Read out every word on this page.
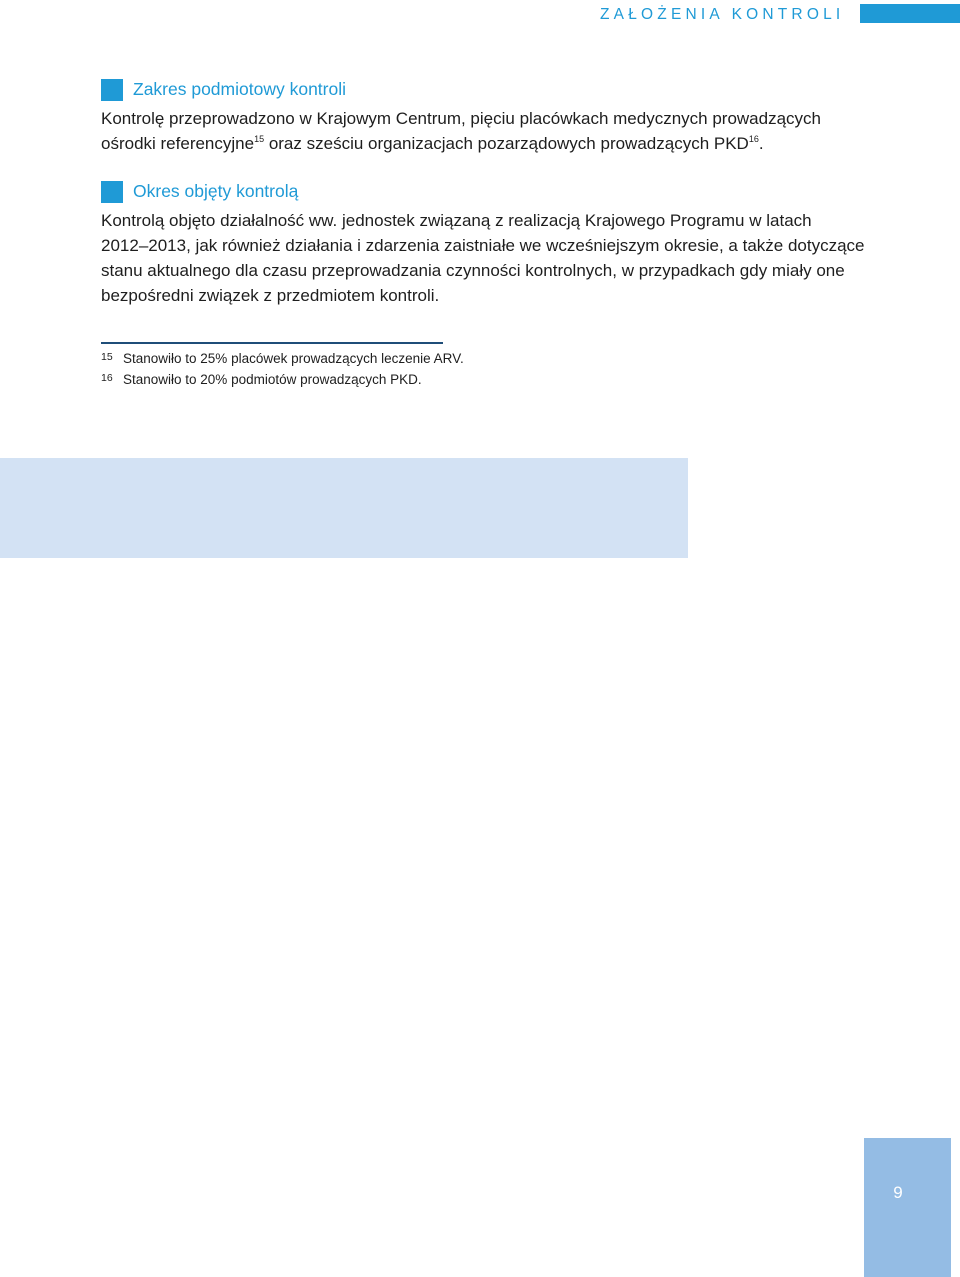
ZAŁOŻENIA KONTROLI
Zakres podmiotowy kontroli
Kontrolę przeprowadzono w Krajowym Centrum, pięciu placówkach medycznych prowadzących
ośrodki referencyjne$^{15}$ oraz sześciu organizacjach pozarządowych prowadzących PKD$^{16}$.
Okres objęty kontrolą
Kontrolą objęto działalność ww. jednostek związaną z realizacją Krajowego Programu w latach
2012–2013, jak również działania i zdarzenia zaistniałe we wcześniejszym okresie, a także dotyczące
stanu aktualnego dla czasu przeprowadzania czynności kontrolnych, w przypadkach gdy miały one
bezpośredni związek z przedmiotem kontroli.
15 Stanowiło to 25% placówek prowadzących leczenie ARV.
16 Stanowiło to 20% podmiotów prowadzących PKD.
9
